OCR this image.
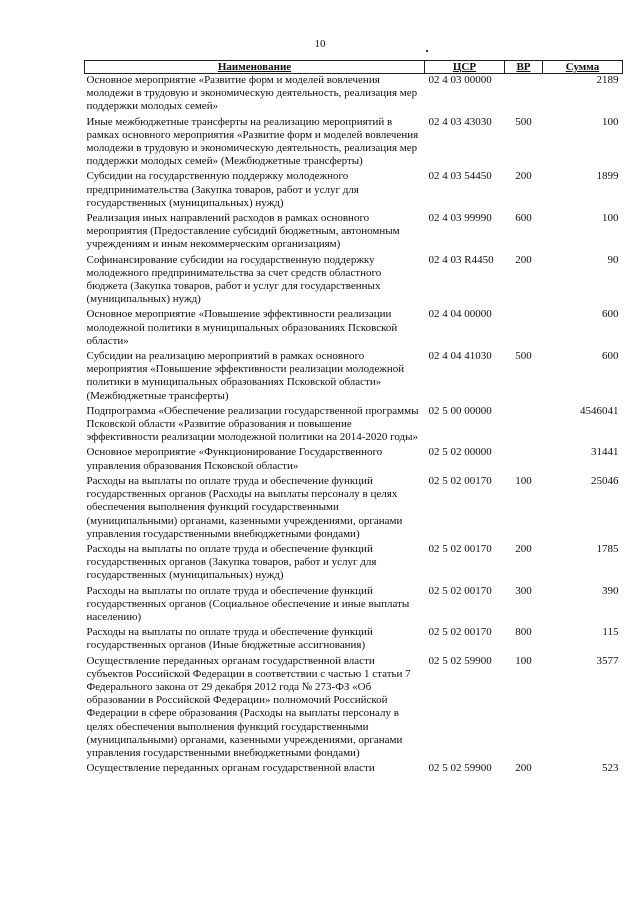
10
Наименование	ЦСР	ВР	Сумма
Основное мероприятие «Развитие форм и моделей вовлечения молодежи в трудовую и экономическую деятельность, реализация мер поддержки молодых семей»	02 4 03 00000		2189
Иные межбюджетные трансферты на реализацию мероприятий в рамках основного мероприятия «Развитие форм и моделей вовлечения молодежи в трудовую и экономическую деятельность, реализация мер поддержки молодых семей» (Межбюджетные трансферты)	02 4 03 43030	500	100
Субсидии на государственную поддержку молодежного предпринимательства (Закупка товаров, работ и услуг для государственных (муниципальных) нужд)	02 4 03 54450	200	1899
Реализация иных направлений расходов в рамках основного мероприятия (Предоставление субсидий бюджетным, автономным учреждениям и иным некоммерческим организациям)	02 4 03 99990	600	100
Софинансирование субсидии на государственную поддержку молодежного предпринимательства за счет средств областного бюджета (Закупка товаров, работ и услуг для государственных (муниципальных) нужд)	02 4 03 R4450	200	90
Основное мероприятие «Повышение эффективности реализации молодежной политики в муниципальных образованиях Псковской области»	02 4 04 00000		600
Субсидии на реализацию мероприятий в рамках основного мероприятия «Повышение эффективности реализации молодежной политики в муниципальных образованиях Псковской области» (Межбюджетные трансферты)	02 4 04 41030	500	600
Подпрограмма «Обеспечение реализации государственной программы Псковской области «Развитие образования и повышение эффективности реализации молодежной политики на 2014-2020 годы»	02 5 00 00000		4546041
Основное мероприятие «Функционирование Государственного управления образования Псковской области»	02 5 02 00000		31441
Расходы на выплаты по оплате труда и обеспечение функций государственных органов (Расходы на выплаты персоналу в целях обеспечения выполнения функций государственными (муниципальными) органами, казенными учреждениями, органами управления государственными внебюджетными фондами)	02 5 02 00170	100	25046
Расходы на выплаты по оплате труда и обеспечение функций государственных органов (Закупка товаров, работ и услуг для государственных (муниципальных) нужд)	02 5 02 00170	200	1785
Расходы на выплаты по оплате труда и обеспечение функций государственных органов (Социальное обеспечение и иные выплаты населению)	02 5 02 00170	300	390
Расходы на выплаты по оплате труда и обеспечение функций государственных органов (Иные бюджетные ассигнования)	02 5 02 00170	800	115
Осуществление переданных органам государственной власти субъектов Российской Федерации в соответствии с частью 1 статьи 7 Федерального закона от 29 декабря 2012 года № 273-ФЗ «Об образовании в Российской Федерации» полномочий Российской Федерации в сфере образования (Расходы на выплаты персоналу в целях обеспечения выполнения функций государственными (муниципальными) органами, казенными учреждениями, органами управления государственными внебюджетными фондами)	02 5 02 59900	100	3577
Осуществление переданных органам государственной власти	02 5 02 59900	200	523
